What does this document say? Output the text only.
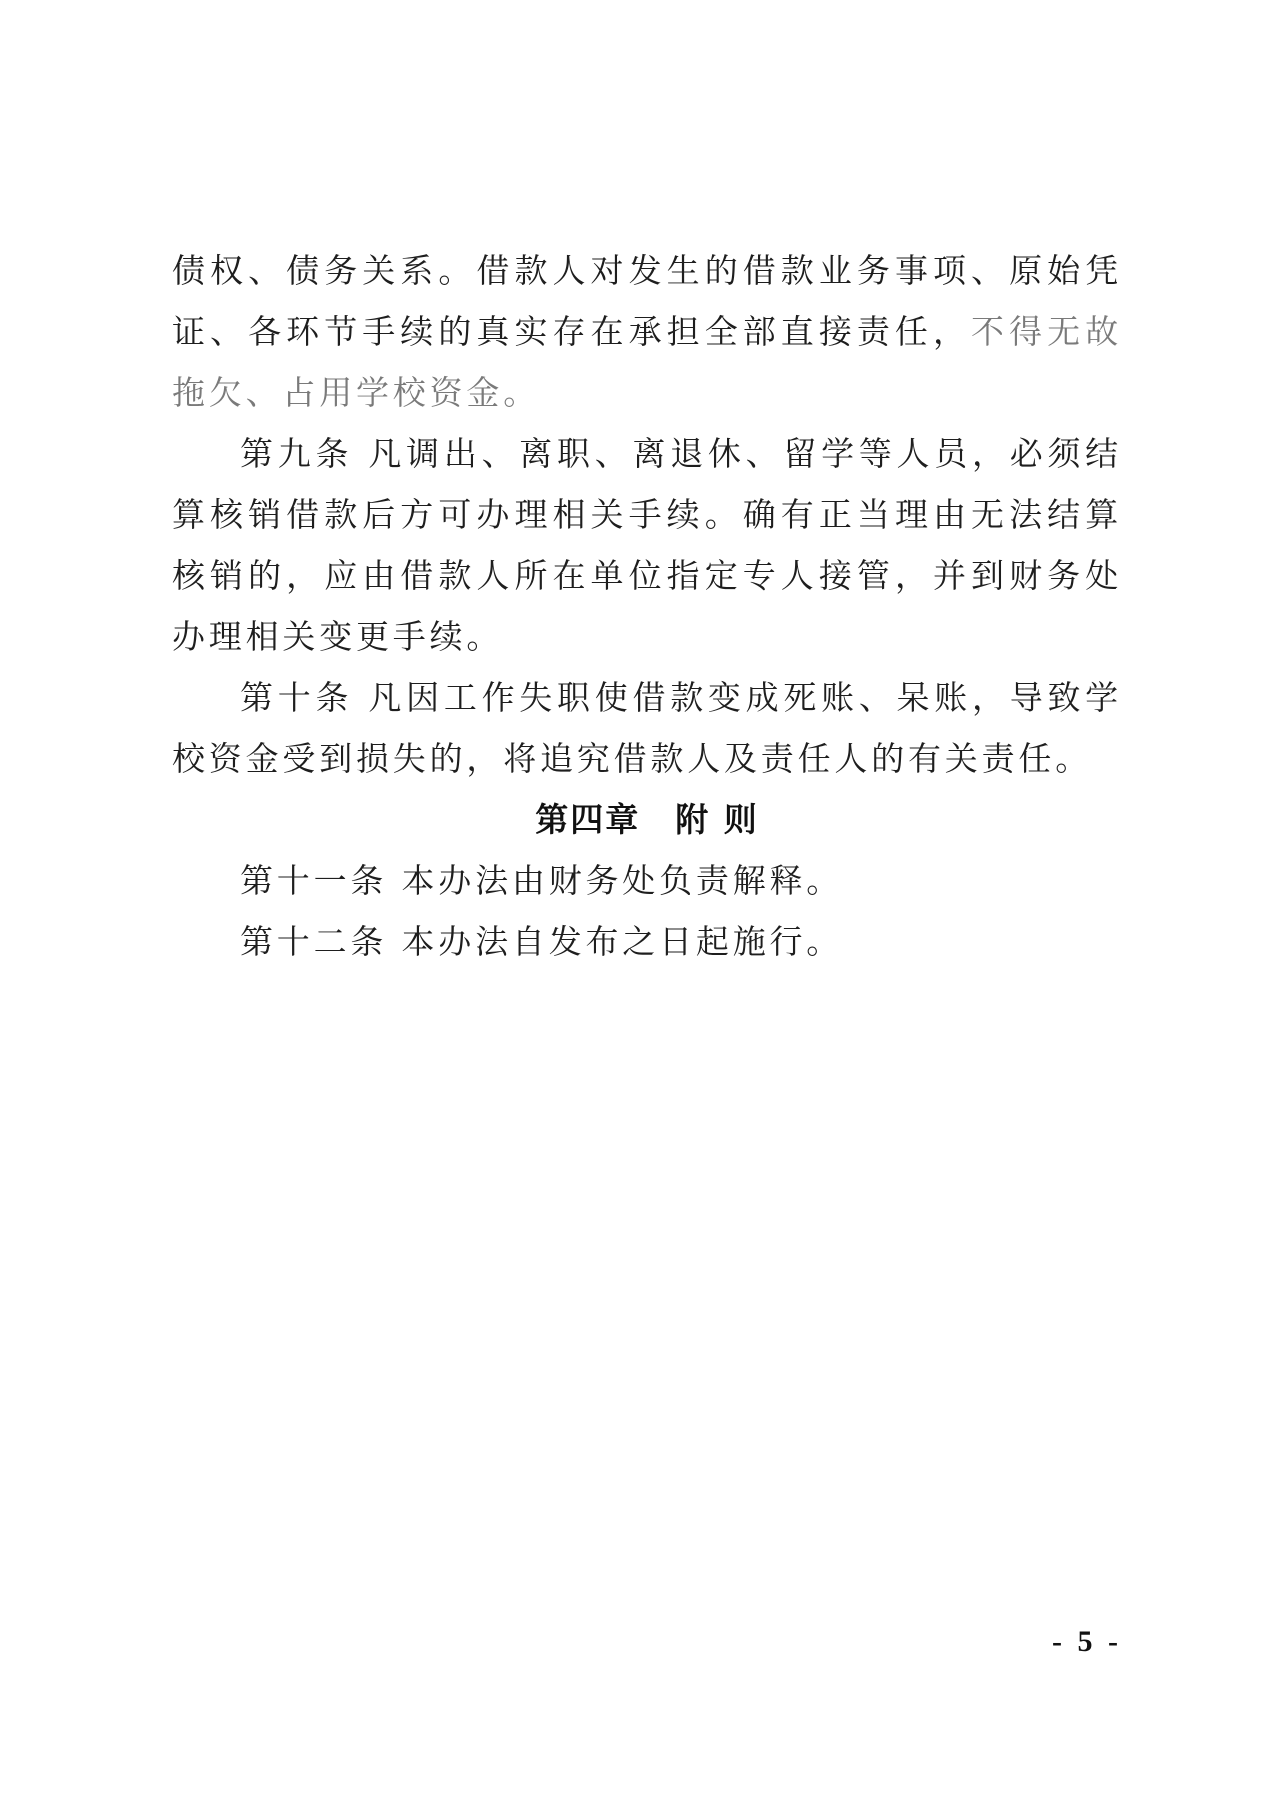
债权、债务关系。借款人对发生的借款业务事项、原始凭证、各环节手续的真实存在承担全部直接责任，不得无故拖欠、占用学校资金。

第九条 凡调出、离职、离退休、留学等人员，必须结算核销借款后方可办理相关手续。确有正当理由无法结算核销的，应由借款人所在单位指定专人接管，并到财务处办理相关变更手续。

第十条 凡因工作失职使借款变成死账、呆账，导致学校资金受到损失的，将追究借款人及责任人的有关责任。

第四章　附 则

第十一条 本办法由财务处负责解释。

第十二条 本办法自发布之日起施行。

- 5 -
